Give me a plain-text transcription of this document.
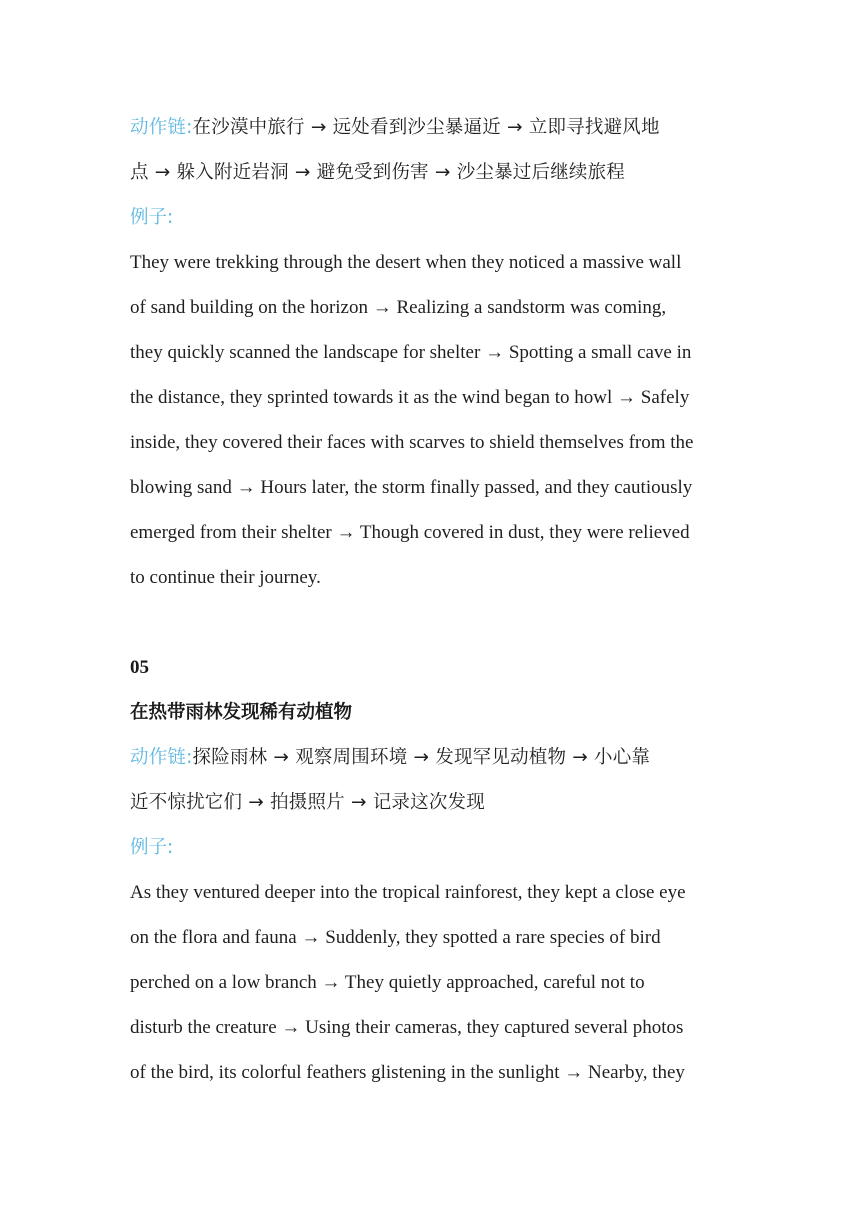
动作链:在沙漠中旅行 → 远处看到沙尘暴逼近 → 立即寻找避风地
点 → 躲入附近岩洞 → 避免受到伤害 → 沙尘暴过后继续旅程
例子:
They were trekking through the desert when they noticed a massive wall
of sand building on the horizon → Realizing a sandstorm was coming,
they quickly scanned the landscape for shelter → Spotting a small cave in
the distance, they sprinted towards it as the wind began to howl → Safely
inside, they covered their faces with scarves to shield themselves from the
blowing sand → Hours later, the storm finally passed, and they cautiously
emerged from their shelter → Though covered in dust, they were relieved
to continue their journey.
05
在热带雨林发现稀有动植物
动作链:探险雨林 → 观察周围环境 → 发现罕见动植物 → 小心靠
近不惊扰它们 → 拍摄照片 → 记录这次发现
例子:
As they ventured deeper into the tropical rainforest, they kept a close eye
on the flora and fauna → Suddenly, they spotted a rare species of bird
perched on a low branch → They quietly approached, careful not to
disturb the creature → Using their cameras, they captured several photos
of the bird, its colorful feathers glistening in the sunlight → Nearby, they
